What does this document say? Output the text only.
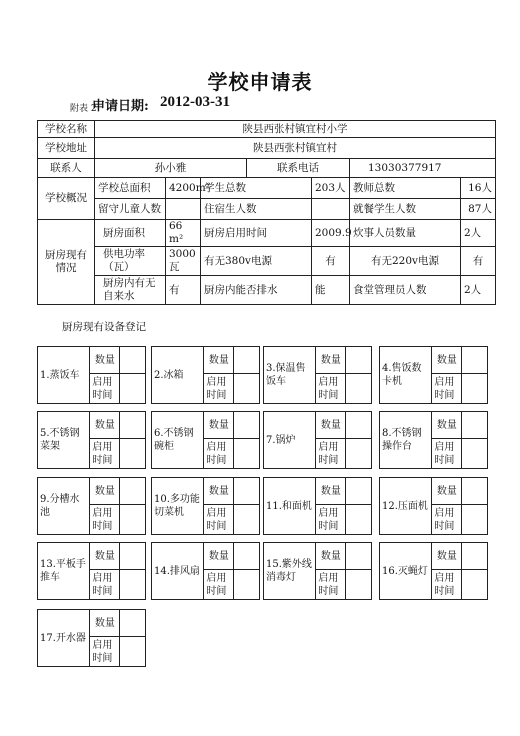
学校申请表
附表 2
申请日期: 2012-03-31
学校名称	陕县西张村镇宜村小学						
学校地址	陕县西张村镇宜村						
联系人	孙小雅			联系电话		13030377917	
学校概况	学校总面积	4200m²	学生总数		203人	教师总数	16人
	留守儿童人数		住宿生人数			就餐学生人数	87人
厨房现有情况	厨房面积	66 m²	厨房启用时间		2009.9	炊事人员数量	2人
	供电功率（瓦）	3000瓦	有无380v电源		有	有无220v电源	有
	厨房内有无自来水	有	厨房内能否排水		能	食堂管理员人数	2人
厨房现有设备登记
1.蒸饭车	数量	
	启用时间	
2.冰箱	数量	
	启用时间	
3.保温售饭车	数量	
	启用时间	
4.售饭数卡机	数量	
	启用时间	
5.不锈钢菜架	数量	
	启用时间	
6.不锈钢碗柜	数量	
	启用时间	
7.锅炉	数量	
	启用时间	
8.不锈钢操作台	数量	
	启用时间	
9.分槽水池	数量	
	启用时间	
10.多功能切菜机	数量	
	启用时间	
11.和面机	数量	
	启用时间	
12.压面机	数量	
	启用时间	
13.平板手推车	数量	
	启用时间	
14.排风扇	数量	
	启用时间	
15.紫外线消毒灯	数量	
	启用时间	
16.灭蝇灯	数量	
	启用时间	
17.开水器	数量	
	启用时间	
